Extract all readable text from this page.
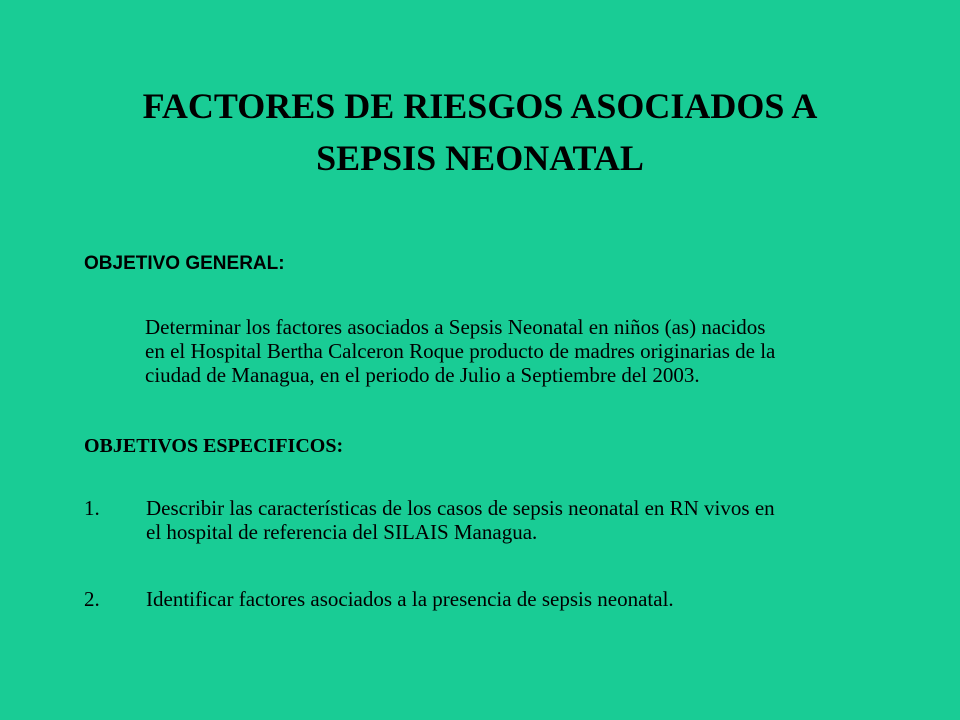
FACTORES DE RIESGOS ASOCIADOS A
SEPSIS NEONATAL
OBJETIVO GENERAL:
Determinar los factores asociados a Sepsis Neonatal en niños (as) nacidos
en el Hospital Bertha Calceron Roque producto de madres originarias de la
ciudad de Managua, en el periodo de Julio a Septiembre del 2003.
OBJETIVOS ESPECIFICOS:
1. Describir las características de los casos de sepsis neonatal en RN vivos en
el hospital de referencia del SILAIS Managua.
2. Identificar factores asociados a la presencia de sepsis neonatal.
